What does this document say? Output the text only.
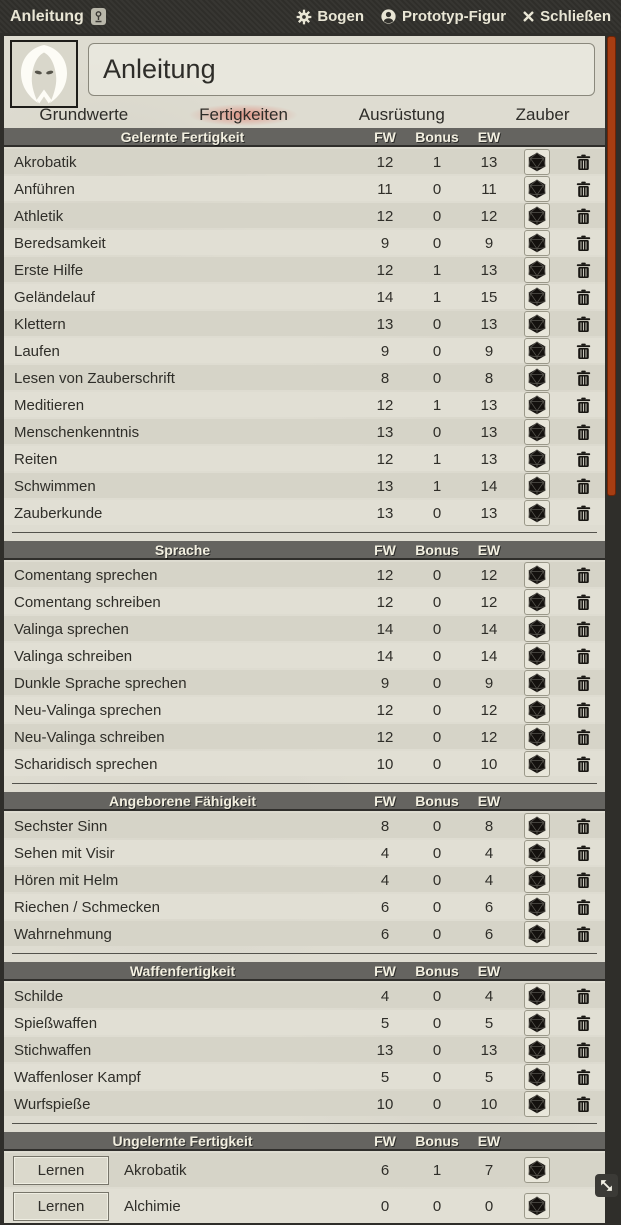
Anleitung	Bogen	Prototyp-Figur Schließen
Anleitung
Grundwerte	Fertigkeiten	Ausrüstung	Zauber
Gelernte Fertigkeit	FW	Bonus	EW
Akrobatik	12	1	13
Anführen	11	0	11
Athletik	12	0	12
Beredsamkeit	9	0	9
Erste Hilfe	12	1	13
Geländelauf	14	1	15
Klettern	13	0	13
Laufen	9	0	9
Lesen von Zauberschrift	8	0	8
Meditieren	12	1	13
Menschenkenntnis	13	0	13
Reiten	12	1	13
Schwimmen	13	1	14
Zauberkunde	13	0	13
Sprache	FW	Bonus	EW
Comentang sprechen	12	0	12
Comentang schreiben	12	0	12
Valinga sprechen	14	0	14
Valinga schreiben	14	0	14
Dunkle Sprache sprechen	9	0	9
Neu-Valinga sprechen	12	0	12
Neu-Valinga schreiben	12	0	12
Scharidisch sprechen	10	0	10
Angeborene Fähigkeit	FW	Bonus	EW
Sechster Sinn	8	0	8
Sehen mit Visir	4	0	4
Hören mit Helm	4	0	4
Riechen / Schmecken	6	0	6
Wahrnehmung	6	0	6
Waffenfertigkeit	FW	Bonus	EW
Schilde	4	0	4
Spießwaffen	5	0	5
Stichwaffen	13	0	13
Waffenloser Kampf	5	0	5
Wurfspieße	10	0	10
Ungelernte Fertigkeit	FW	Bonus	EW
Lernen	Akrobatik	6	1	7
Lernen	Alchimie	0	0	0
